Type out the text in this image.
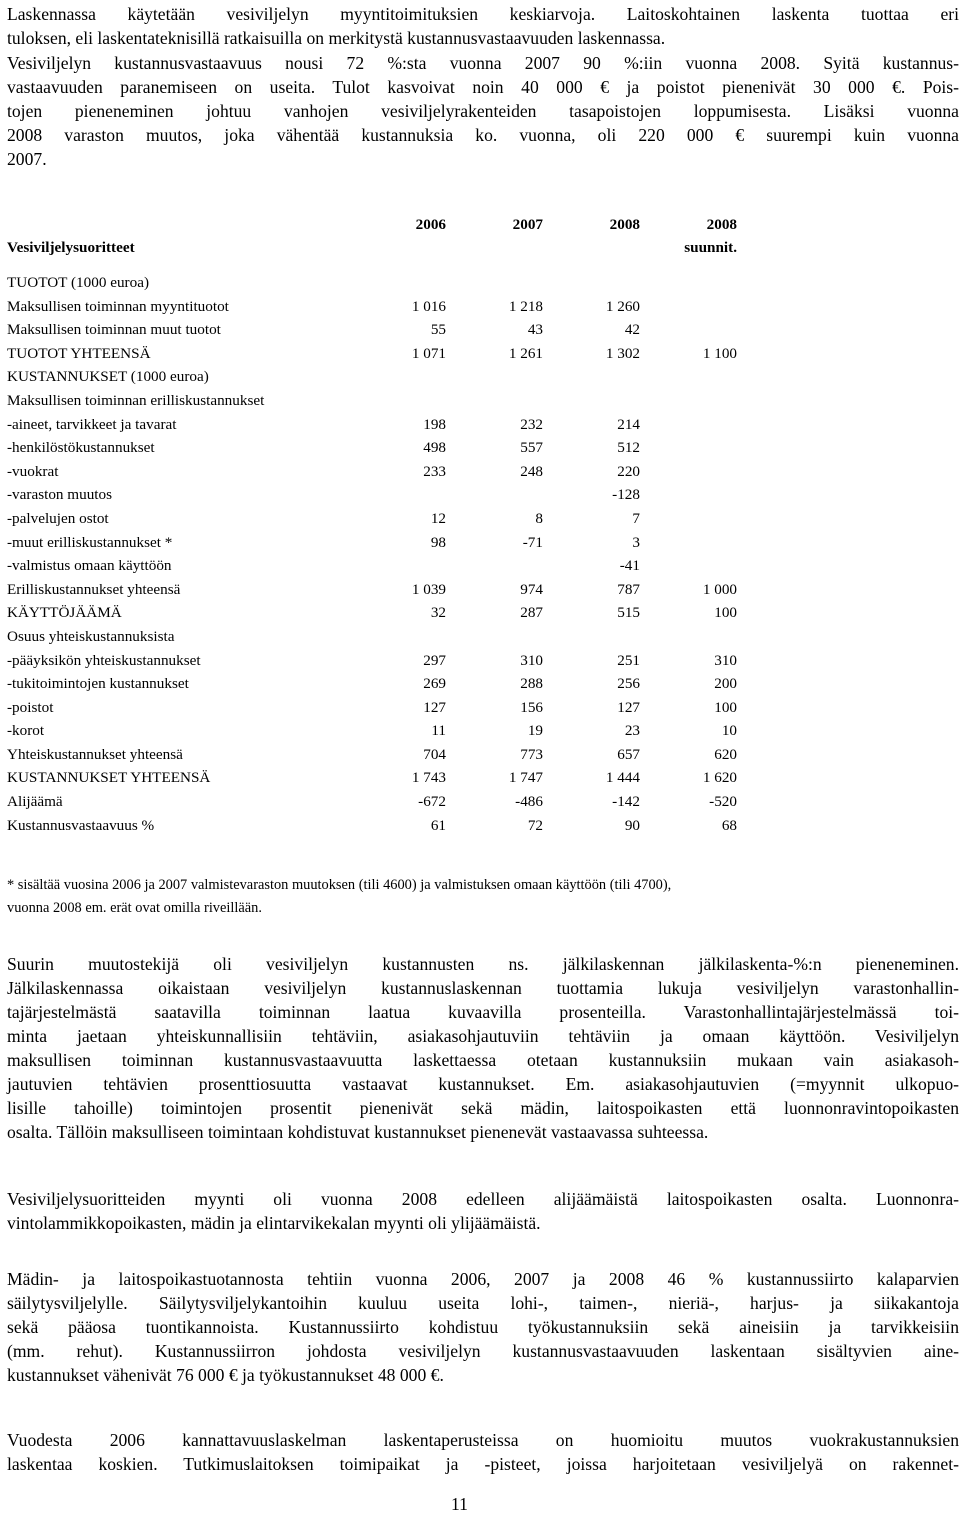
Laskennassa käytetään vesiviljelyn myyntitoimituksien keskiarvoja. Laitoskohtainen laskenta tuottaa eri
tuloksen, eli laskentateknisillä ratkaisuilla on merkitystä kustannusvastaavuuden laskennassa.

Vesiviljelyn kustannusvastaavuus nousi 72 %:sta vuonna 2007 90 %:iin vuonna 2008. Syitä kustannus-
vastaavuuden paranemiseen on useita. Tulot kasvoivat noin 40 000 € ja poistot pienenivät 30 000 €. Pois-
tojen pieneneminen johtuu vanhojen vesiviljelyrakenteiden tasapoistojen loppumisesta. Lisäksi vuonna
2008 varaston muutos, joka vähentää kustannuksia ko. vuonna, oli 220 000 € suurempi kuin vuonna
2007.

	2006		2007		2008		2008
Vesiviljelysuoritteet							suunnit.

TUOTOT (1000 euroa)							
Maksullisen toiminnan myyntituotot	1 016		1 218		1 260		
Maksullisen toiminnan muut tuotot	55		43		42		
TUOTOT YHTEENSÄ	1 071		1 261		1 302		1 100
KUSTANNUKSET (1000 euroa)							
Maksullisen toiminnan erilliskustannukset							
-aineet, tarvikkeet ja tavarat	198		232		214		
-henkilöstökustannukset	498		557		512		
-vuokrat	233		248		220		
-varaston muutos					-128		
-palvelujen ostot	12		8		7		
-muut erilliskustannukset *	98		-71		3		
-valmistus omaan käyttöön					-41		
Erilliskustannukset yhteensä	1 039		974		787		1 000
KÄYTTÖJÄÄMÄ	32		287		515		100
Osuus yhteiskustannuksista							
-pääyksikön yhteiskustannukset	297		310		251		310
-tukitoimintojen kustannukset	269		288		256		200
-poistot	127		156		127		100
-korot	11		19		23		10
Yhteiskustannukset yhteensä	704		773		657		620
KUSTANNUKSET YHTEENSÄ	1 743		1 747		1 444		1 620
Alijäämä	-672		-486		-142		-520
Kustannusvastaavuus %	61		72		90		68
* sisältää vuosina 2006 ja 2007 valmistevaraston muutoksen (tili 4600) ja valmistuksen omaan käyttöön (tili 4700),
vuonna 2008 em. erät ovat omilla riveillään.

Suurin muutostekijä oli vesiviljelyn kustannusten ns. jälkilaskennan jälkilaskenta-%:n pieneneminen.
Jälkilaskennassa oikaistaan vesiviljelyn kustannuslaskennan tuottamia lukuja vesiviljelyn varastonhallin-
tajärjestelmästä saatavilla toiminnan laatua kuvaavilla prosenteilla. Varastonhallintajärjestelmässä toi-
minta jaetaan yhteiskunnallisiin tehtäviin, asiakasohjautuviin tehtäviin ja omaan käyttöön. Vesiviljelyn
maksullisen toiminnan kustannusvastaavuutta laskettaessa otetaan kustannuksiin mukaan vain asiakasoh-
jautuvien tehtävien prosenttiosuutta vastaavat kustannukset. Em. asiakasohjautuvien (=myynnit ulkopuo-
lisille tahoille) toimintojen prosentit pienenivät sekä mädin, laitospoikasten että luonnonravintopoikasten
osalta. Tällöin maksulliseen toimintaan kohdistuvat kustannukset pienenevät vastaavassa suhteessa.

Vesiviljelysuoritteiden myynti oli vuonna 2008 edelleen alijäämäistä laitospoikasten osalta. Luonnonra-
vintolammikkopoikasten, mädin ja elintarvikekalan myynti oli ylijäämäistä.

Mädin- ja laitospoikastuotannosta tehtiin vuonna 2006, 2007 ja 2008 46 % kustannussiirto kalaparvien
säilytysviljelylle. Säilytysviljelykantoihin kuuluu useita lohi-, taimen-, nieriä-, harjus- ja siikakantoja
sekä pääosa tuontikannoista. Kustannussiirto kohdistuu työkustannuksiin sekä aineisiin ja tarvikkeisiin
(mm. rehut). Kustannussiirron johdosta vesiviljelyn kustannusvastaavuuden laskentaan sisältyvien aine-
kustannukset vähenivät 76 000 € ja työkustannukset 48 000 €.

Vuodesta 2006 kannattavuuslaskelman laskentaperusteissa on huomioitu muutos vuokrakustannuksien
laskentaa koskien. Tutkimuslaitoksen toimipaikat ja -pisteet, joissa harjoitetaan vesiviljelyä on rakennet-

11
